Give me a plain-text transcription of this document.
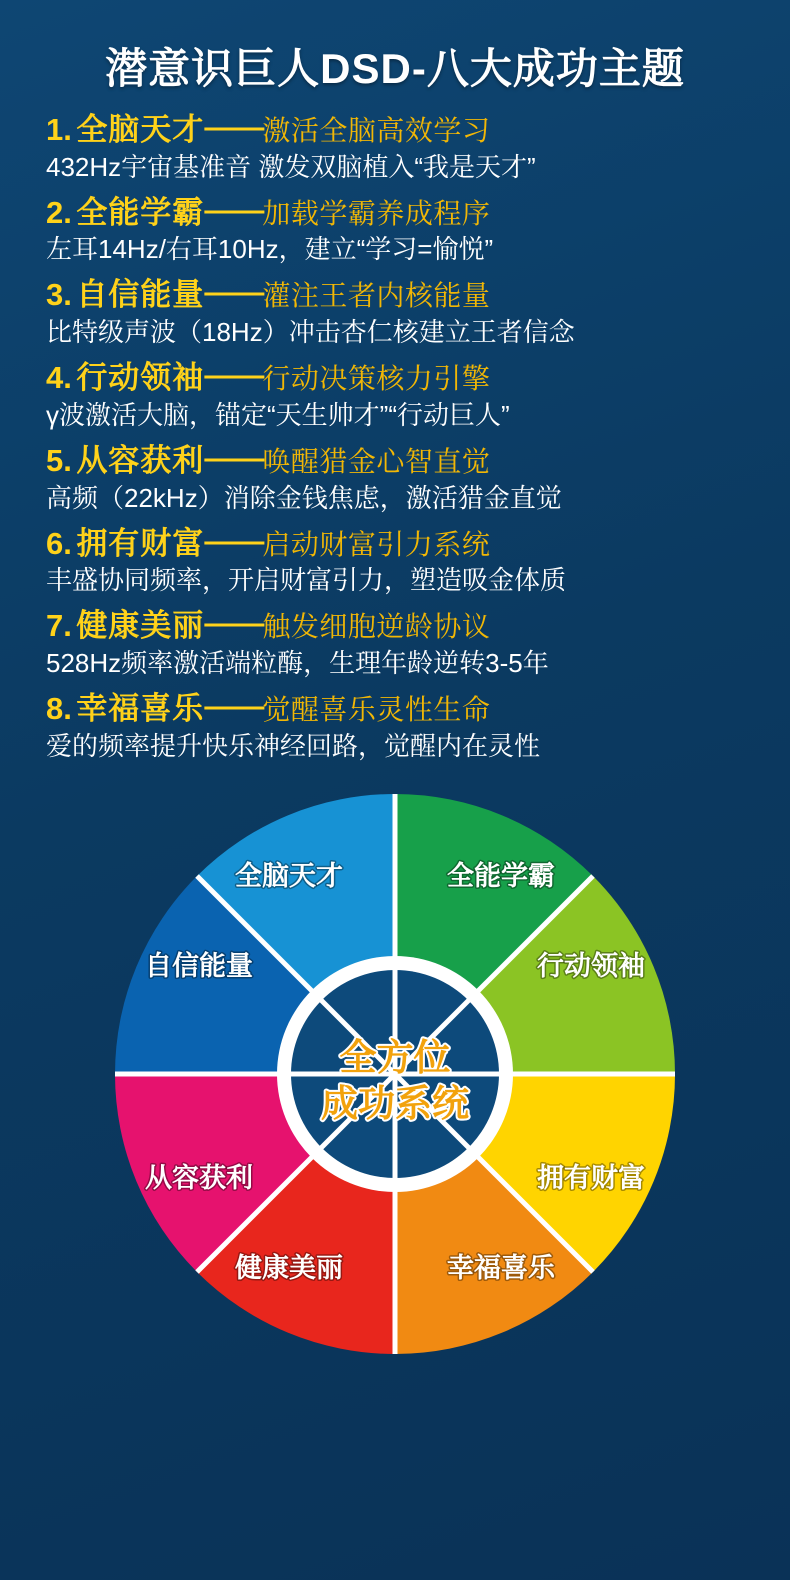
潜意识巨人DSD-八大成功主题
1. 全脑天才——激活全脑高效学习
432Hz宇宙基准音 激发双脑植入“我是天才”
2. 全能学霸——加载学霸养成程序
左耳14Hz/右耳10Hz，建立“学习=愉悦”
3. 自信能量——灌注王者内核能量
比特级声波（18Hz）冲击杏仁核建立王者信念
4. 行动领袖——行动决策核力引擎
γ波激活大脑，锚定“天生帅才”“行动巨人”
5. 从容获利——唤醒猎金心智直觉
高频（22kHz）消除金钱焦虑，激活猎金直觉
6. 拥有财富——启动财富引力系统
丰盛协同频率，开启财富引力，塑造吸金体质
7. 健康美丽——触发细胞逆龄协议
528Hz频率激活端粒酶，生理年龄逆转3-5年
8. 幸福喜乐——觉醒喜乐灵性生命
爱的频率提升快乐神经回路，觉醒内在灵性
全能学霸
行动领袖
拥有财富
幸福喜乐
健康美丽
从容获利
自信能量
全脑天才
全方位
成功系统
